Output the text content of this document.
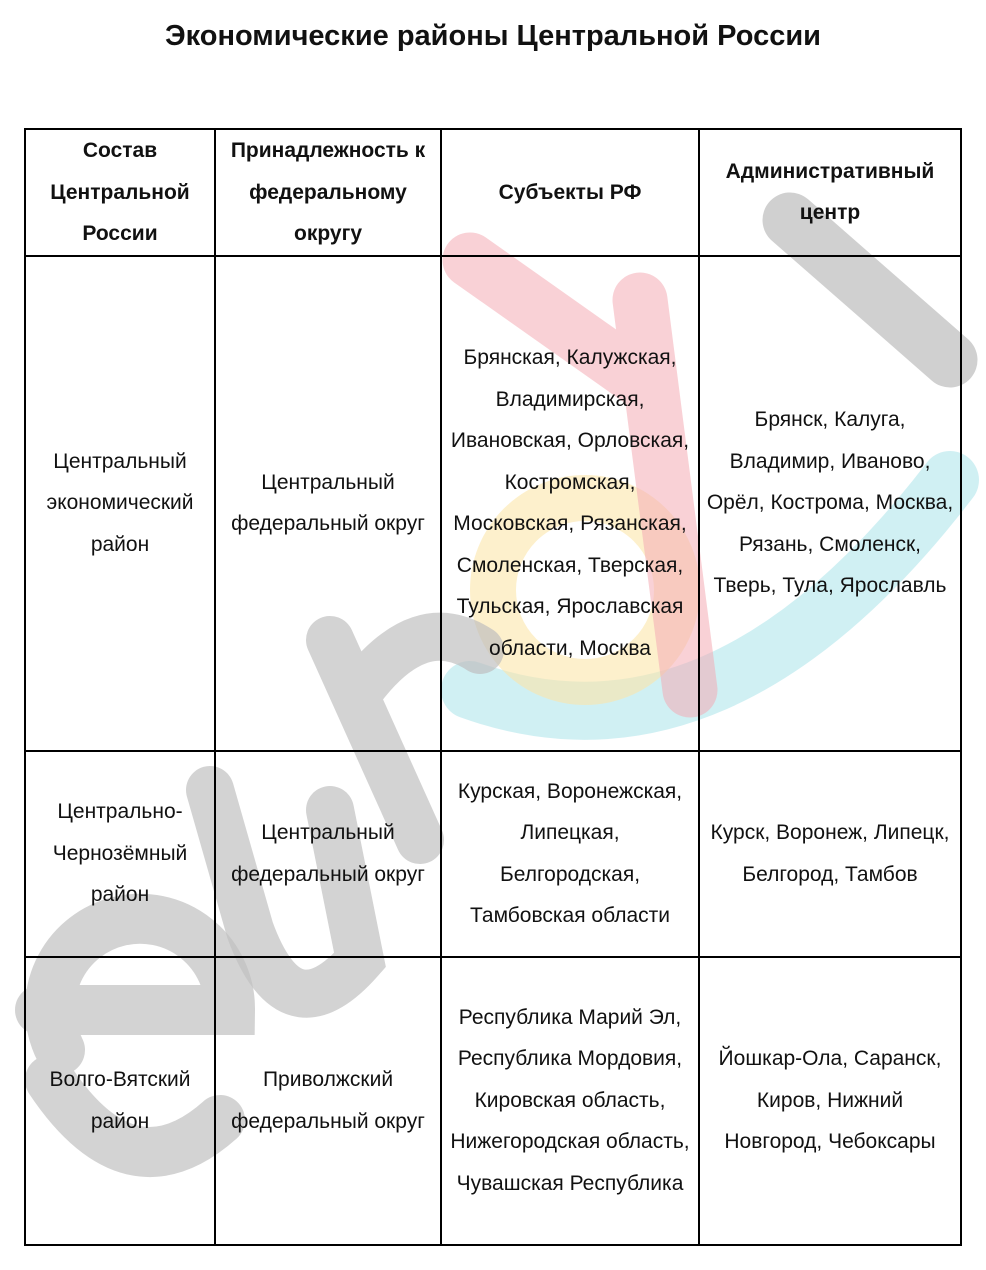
Экономические районы Центральной России
Состав Центральной России	Принадлежность к федеральному округу	Субъекты РФ	Административный центр
Центральный экономический район	Центральный федеральный округ	Брянская, Калужская, Владимирская, Ивановская, Орловская, Костромская, Московская, Рязанская, Смоленская, Тверская, Тульская, Ярославская области, Москва	Брянск, Калуга, Владимир, Иваново, Орёл, Кострома, Москва, Рязань, Смоленск, Тверь, Тула, Ярославль
Центрально-Чернозёмный район	Центральный федеральный округ	Курская, Воронежская, Липецкая, Белгородская, Тамбовская области	Курск, Воронеж, Липецк, Белгород, Тамбов
Волго-Вятский район	Приволжский федеральный округ	Республика Марий Эл, Республика Мордовия, Кировская область, Нижегородская область, Чувашская Республика	Йошкар-Ола, Саранск, Киров, Нижний Новгород, Чебоксары
